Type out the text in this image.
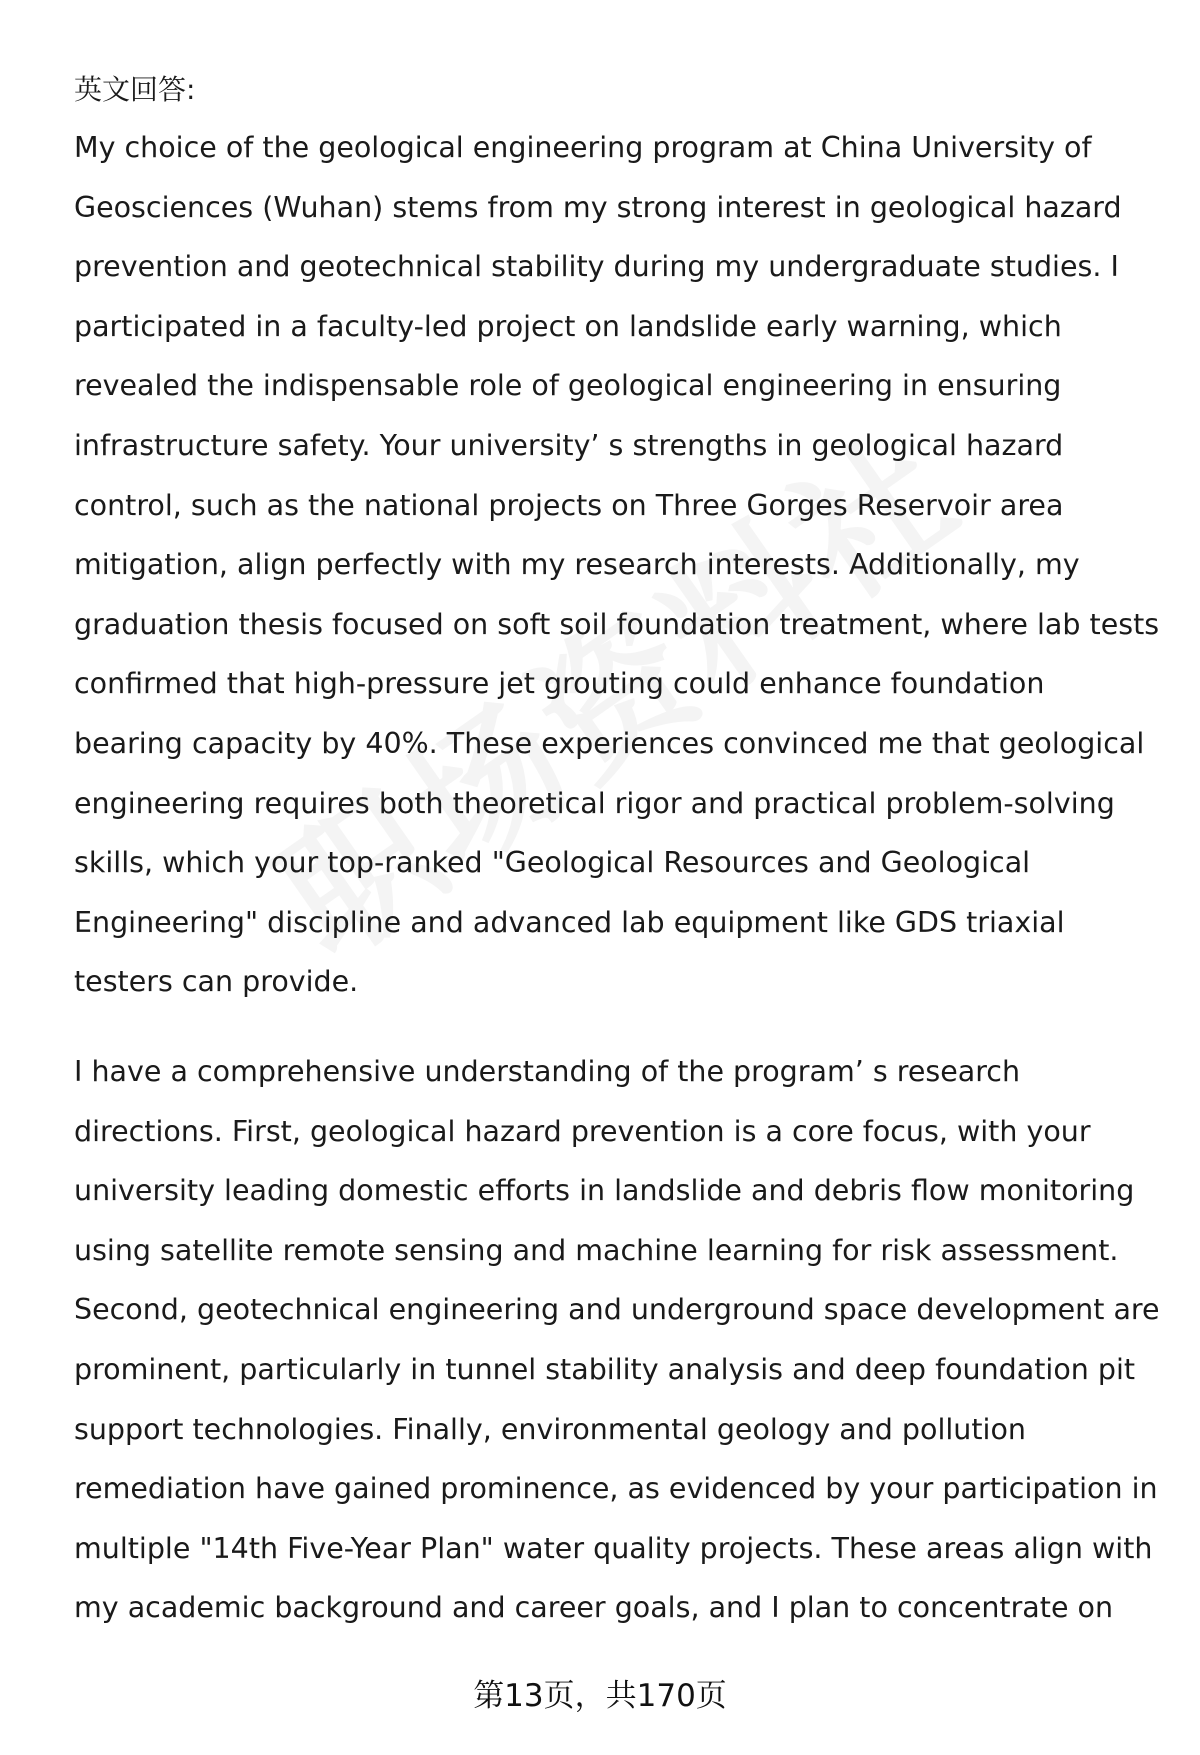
英文回答:
My choice of the geological engineering program at China University of
Geosciences (Wuhan) stems from my strong interest in geological hazard
prevention and geotechnical stability during my undergraduate studies. I
participated in a faculty-led project on landslide early warning, which
revealed the indispensable role of geological engineering in ensuring
infrastructure safety. Your university’ s strengths in geological hazard
control, such as the national projects on Three Gorges Reservoir area
mitigation, align perfectly with my research interests. Additionally, my
graduation thesis focused on soft soil foundation treatment, where lab tests
confirmed that high-pressure jet grouting could enhance foundation
bearing capacity by 40%. These experiences convinced me that geological
engineering requires both theoretical rigor and practical problem-solving
skills, which your top-ranked "Geological Resources and Geological
Engineering" discipline and advanced lab equipment like GDS triaxial
testers can provide.
I have a comprehensive understanding of the program’ s research
directions. First, geological hazard prevention is a core focus, with your
university leading domestic efforts in landslide and debris flow monitoring
using satellite remote sensing and machine learning for risk assessment.
Second, geotechnical engineering and underground space development are
prominent, particularly in tunnel stability analysis and deep foundation pit
support technologies. Finally, environmental geology and pollution
remediation have gained prominence, as evidenced by your participation in
multiple "14th Five-Year Plan" water quality projects. These areas align with
my academic background and career goals, and I plan to concentrate on
第13页，共170页
